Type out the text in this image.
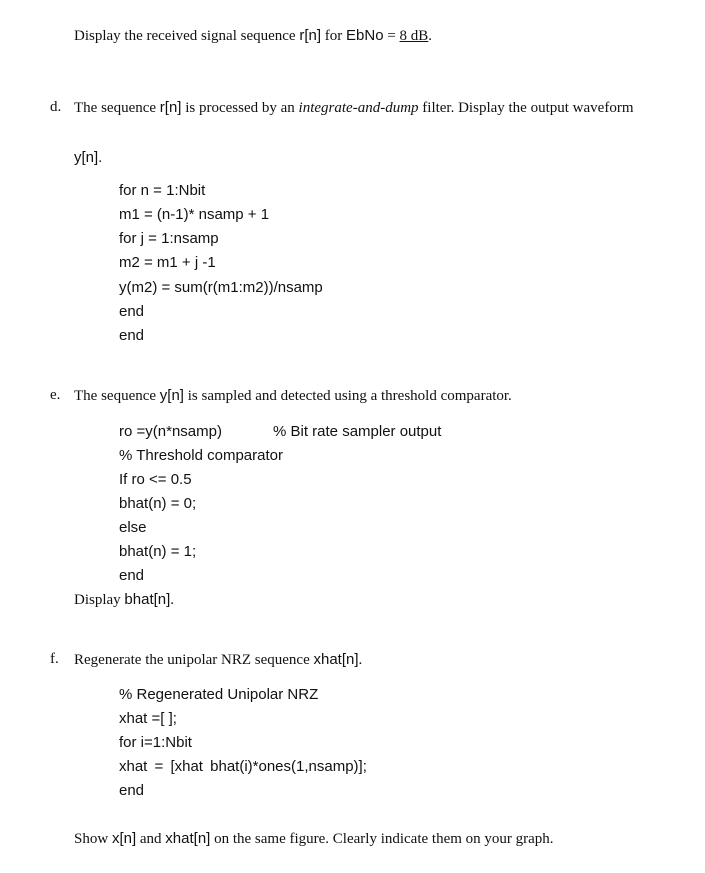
Display the received signal sequence r[n] for EbNo = 8 dB.
d. The sequence r[n] is processed by an integrate-and-dump filter. Display the output waveform
y[n].
for n = 1:Nbit
m1 = (n-1)* nsamp + 1
for j = 1:nsamp
m2 = m1 + j -1
y(m2) = sum(r(m1:m2))/nsamp
end
end
e. The sequence y[n] is sampled and detected using a threshold comparator.
ro =y(n*nsamp)	% Bit rate sampler output
% Threshold comparator
If ro <= 0.5
bhat(n) = 0;
else
bhat(n) = 1;
end
Display bhat[n].
f. Regenerate the unipolar NRZ sequence xhat[n].
% Regenerated Unipolar NRZ
xhat =[ ];
for i=1:Nbit
xhat = [xhat bhat(i)*ones(1,nsamp)];
end
Show x[n] and xhat[n] on the same figure. Clearly indicate them on your graph.
